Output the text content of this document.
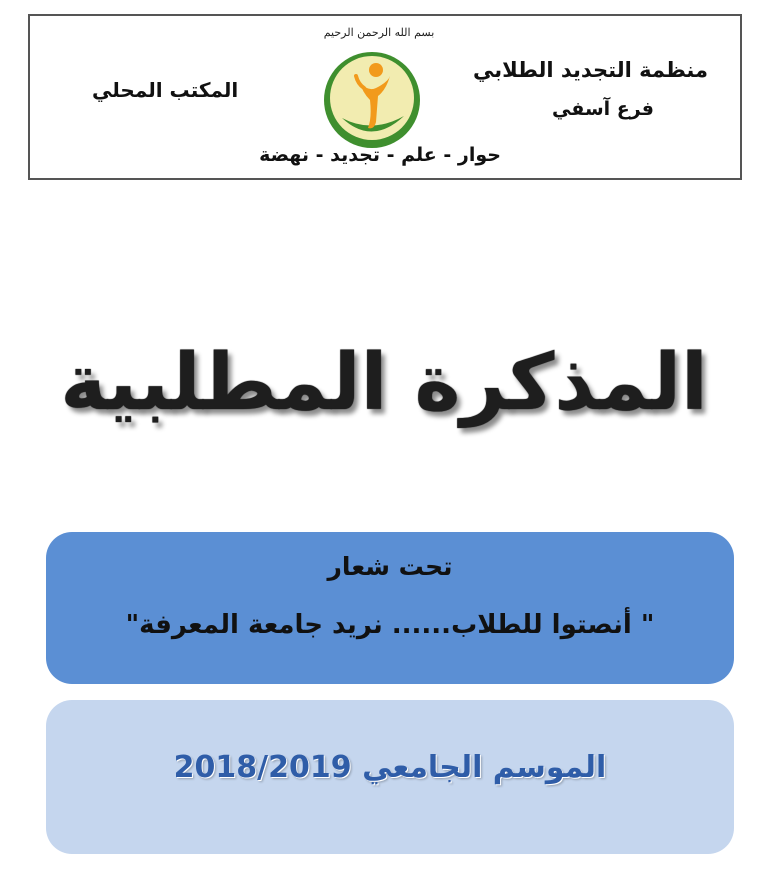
بسم الله الرحمن الرحيم
منظمة التجديد الطلابي
فرع آسفي
المكتب المحلي
حوار - علم - تجديد - نهضة
المذكرة المطلبية
تحت شعار
" أنصتوا للطلاب...... نريد جامعة المعرفة"
الموسم الجامعي 2018/2019
